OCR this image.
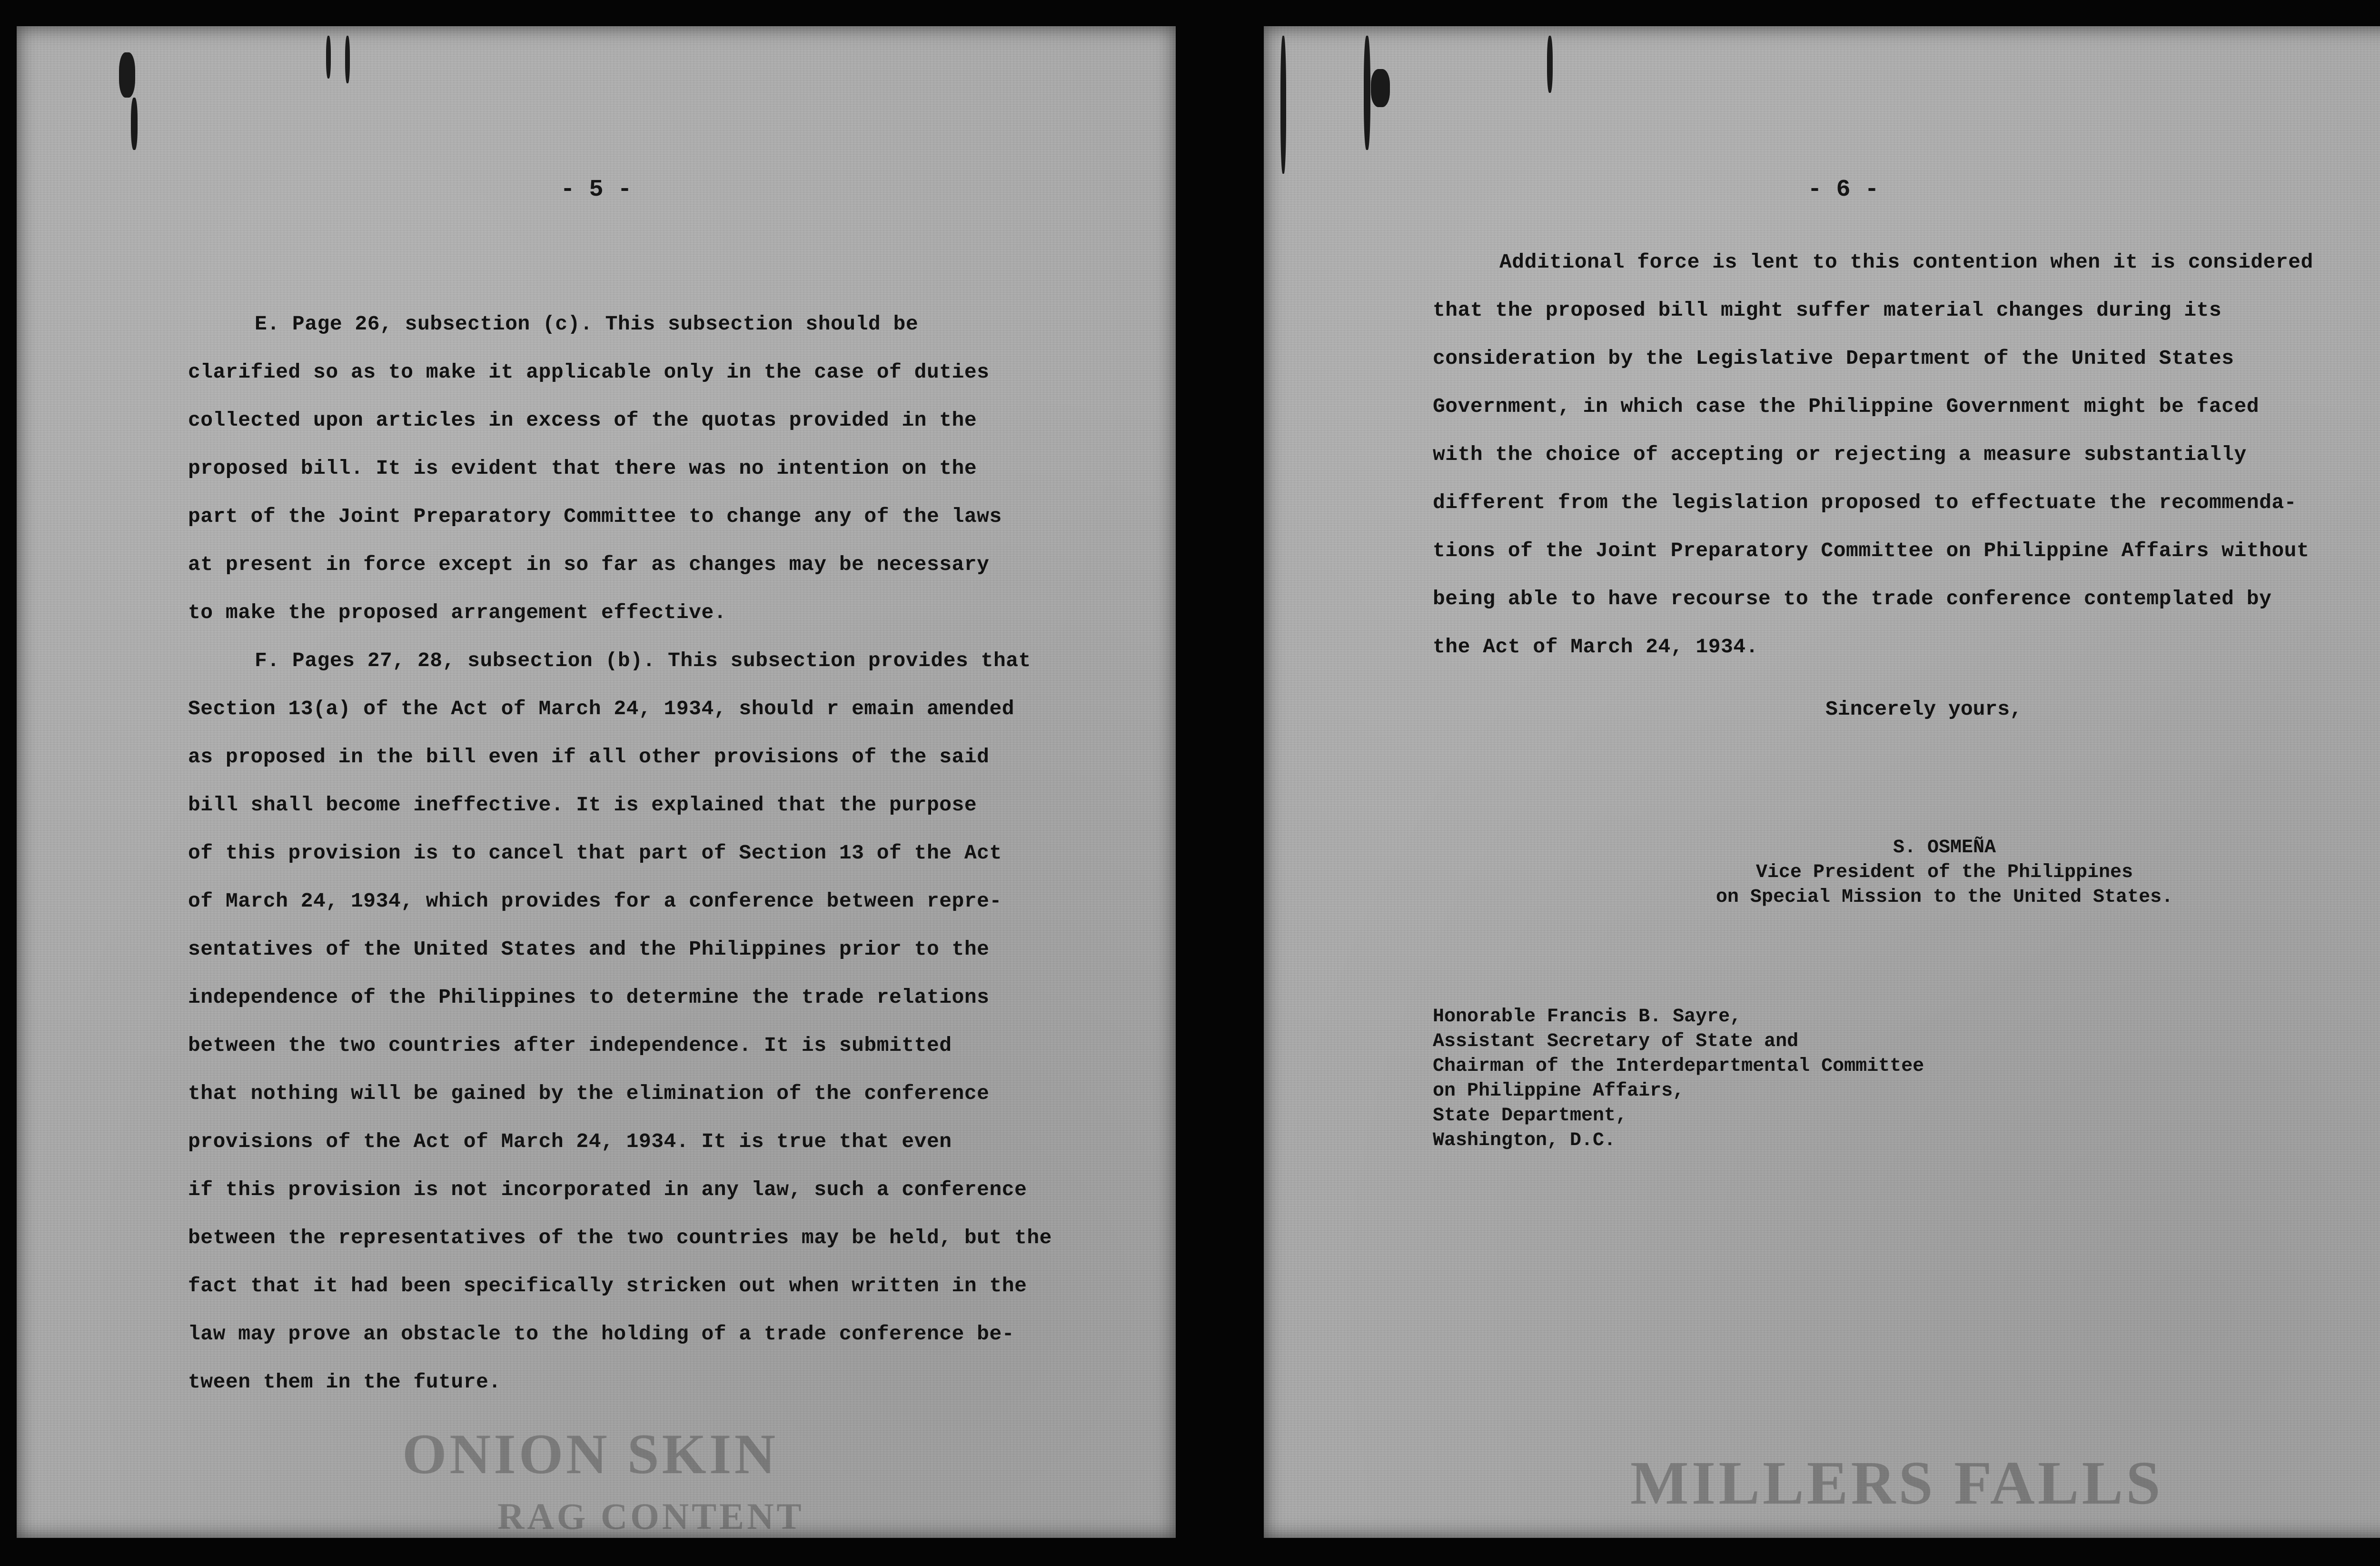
- 5 -
E. Page 26, subsection (c). This subsection should be
clarified so as to make it applicable only in the case of duties
collected upon articles in excess of the quotas provided in the
proposed bill. It is evident that there was no intention on the
part of the Joint Preparatory Committee to change any of the laws
at present in force except in so far as changes may be necessary
to make the proposed arrangement effective.
F. Pages 27, 28, subsection (b). This subsection provides that
Section 13(a) of the Act of March 24, 1934, should r emain amended
as proposed in the bill even if all other provisions of the said
bill shall become ineffective. It is explained that the purpose
of this provision is to cancel that part of Section 13 of the Act
of March 24, 1934, which provides for a conference between repre-
sentatives of the United States and the Philippines prior to the
independence of the Philippines to determine the trade relations
between the two countries after independence. It is submitted
that nothing will be gained by the elimination of the conference
provisions of the Act of March 24, 1934. It is true that even
if this provision is not incorporated in any law, such a conference
between the representatives of the two countries may be held, but the
fact that it had been specifically stricken out when written in the
law may prove an obstacle to the holding of a trade conference be-
tween them in the future.
ONION SKIN
RAG CONTENT
- 6 -
Additional force is lent to this contention when it is considered
that the proposed bill might suffer material changes during its
consideration by the Legislative Department of the United States
Government, in which case the Philippine Government might be faced
with the choice of accepting or rejecting a measure substantially
different from the legislation proposed to effectuate the recommenda-
tions of the Joint Preparatory Committee on Philippine Affairs without
being able to have recourse to the trade conference contemplated by
the Act of March 24, 1934.
Sincerely yours,
S. OSMEÑA
Vice President of the Philippines
on Special Mission to the United States.
Honorable Francis B. Sayre,
Assistant Secretary of State and
Chairman of the Interdepartmental Committee
on Philippine Affairs,
State Department,
Washington, D.C.
MILLERS FALLS
